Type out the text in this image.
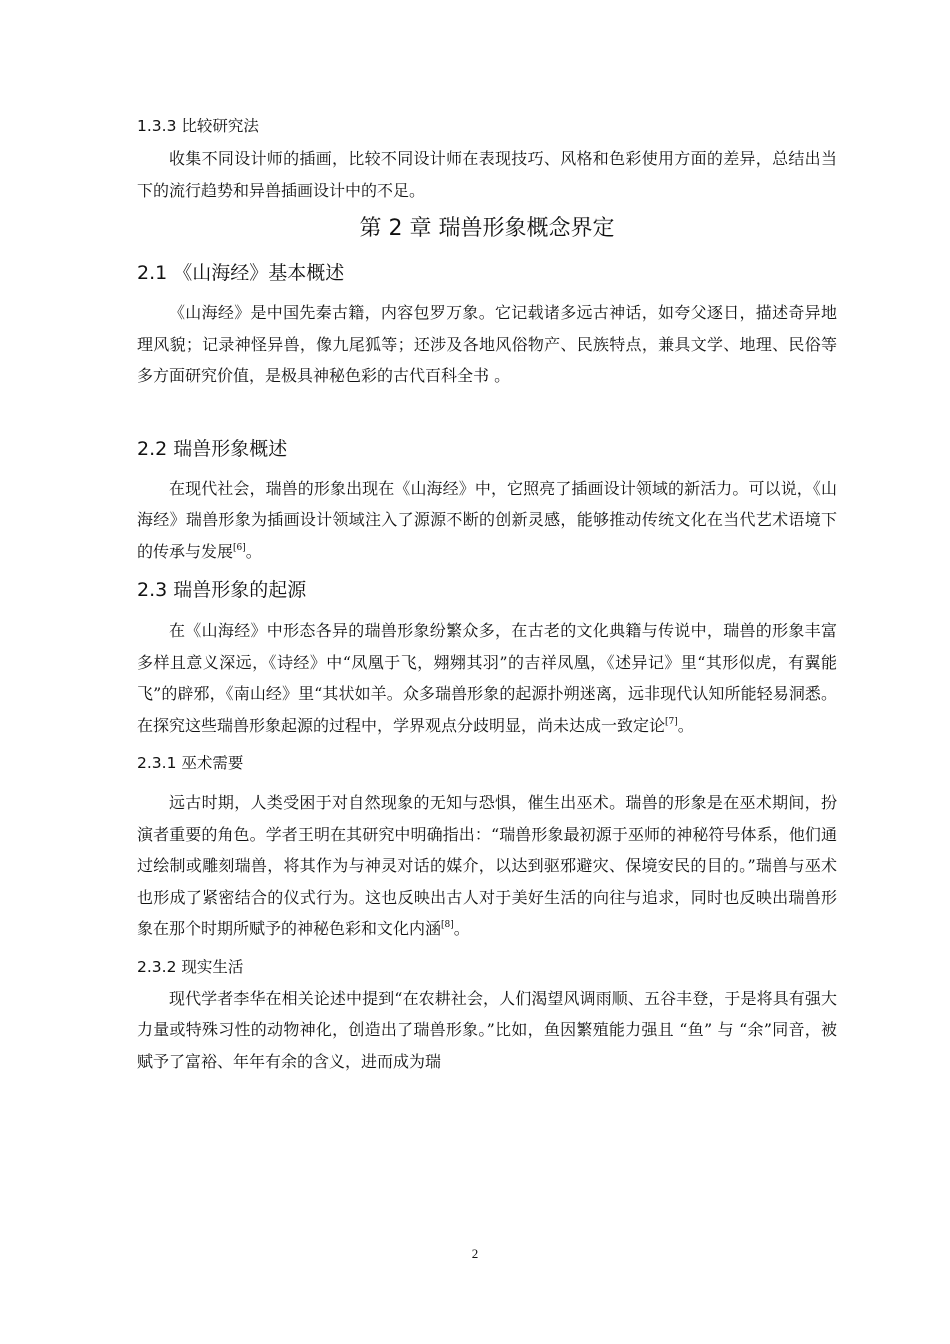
1.3.3 比较研究法

收集不同设计师的插画，比较不同设计师在表现技巧、风格和色彩使用方面的差异，总结出当下的流行趋势和异兽插画设计中的不足。

第 2 章 瑞兽形象概念界定

2.1 《山海经》基本概述

《山海经》是中国先秦古籍，内容包罗万象。它记载诸多远古神话，如夸父逐日，描述奇异地理风貌；记录神怪异兽，像九尾狐等；还涉及各地风俗物产、民族特点，兼具文学、地理、民俗等多方面研究价值，是极具神秘色彩的古代百科全书 。

2.2 瑞兽形象概述

在现代社会，瑞兽的形象出现在《山海经》中，它照亮了插画设计领域的新活力。可以说，《山海经》瑞兽形象为插画设计领域注入了源源不断的创新灵感，能够推动传统文化在当代艺术语境下的传承与发展[6]。

2.3 瑞兽形象的起源

在《山海经》中形态各异的瑞兽形象纷繁众多，在古老的文化典籍与传说中，瑞兽的形象丰富多样且意义深远，《诗经》中“凤凰于飞，翙翙其羽”的吉祥凤凰，《述异记》里“其形似虎，有翼能飞”的辟邪，《南山经》里“其状如羊。众多瑞兽形象的起源扑朔迷离，远非现代认知所能轻易洞悉。在探究这些瑞兽形象起源的过程中，学界观点分歧明显，尚未达成一致定论[7]。

2.3.1 巫术需要

远古时期，人类受困于对自然现象的无知与恐惧，催生出巫术。瑞兽的形象是在巫术期间，扮演者重要的角色。学者王明在其研究中明确指出：“瑞兽形象最初源于巫师的神秘符号体系，他们通过绘制或雕刻瑞兽，将其作为与神灵对话的媒介，以达到驱邪避灾、保境安民的目的。”瑞兽与巫术也形成了紧密结合的仪式行为。这也反映出古人对于美好生活的向往与追求，同时也反映出瑞兽形象在那个时期所赋予的神秘色彩和文化内涵[8]。

2.3.2 现实生活

现代学者李华在相关论述中提到“在农耕社会，人们渴望风调雨顺、五谷丰登，于是将具有强大力量或特殊习性的动物神化，创造出了瑞兽形象。”比如，鱼因繁殖能力强且 “鱼” 与 “余”同音，被赋予了富裕、年年有余的含义，进而成为瑞

2
